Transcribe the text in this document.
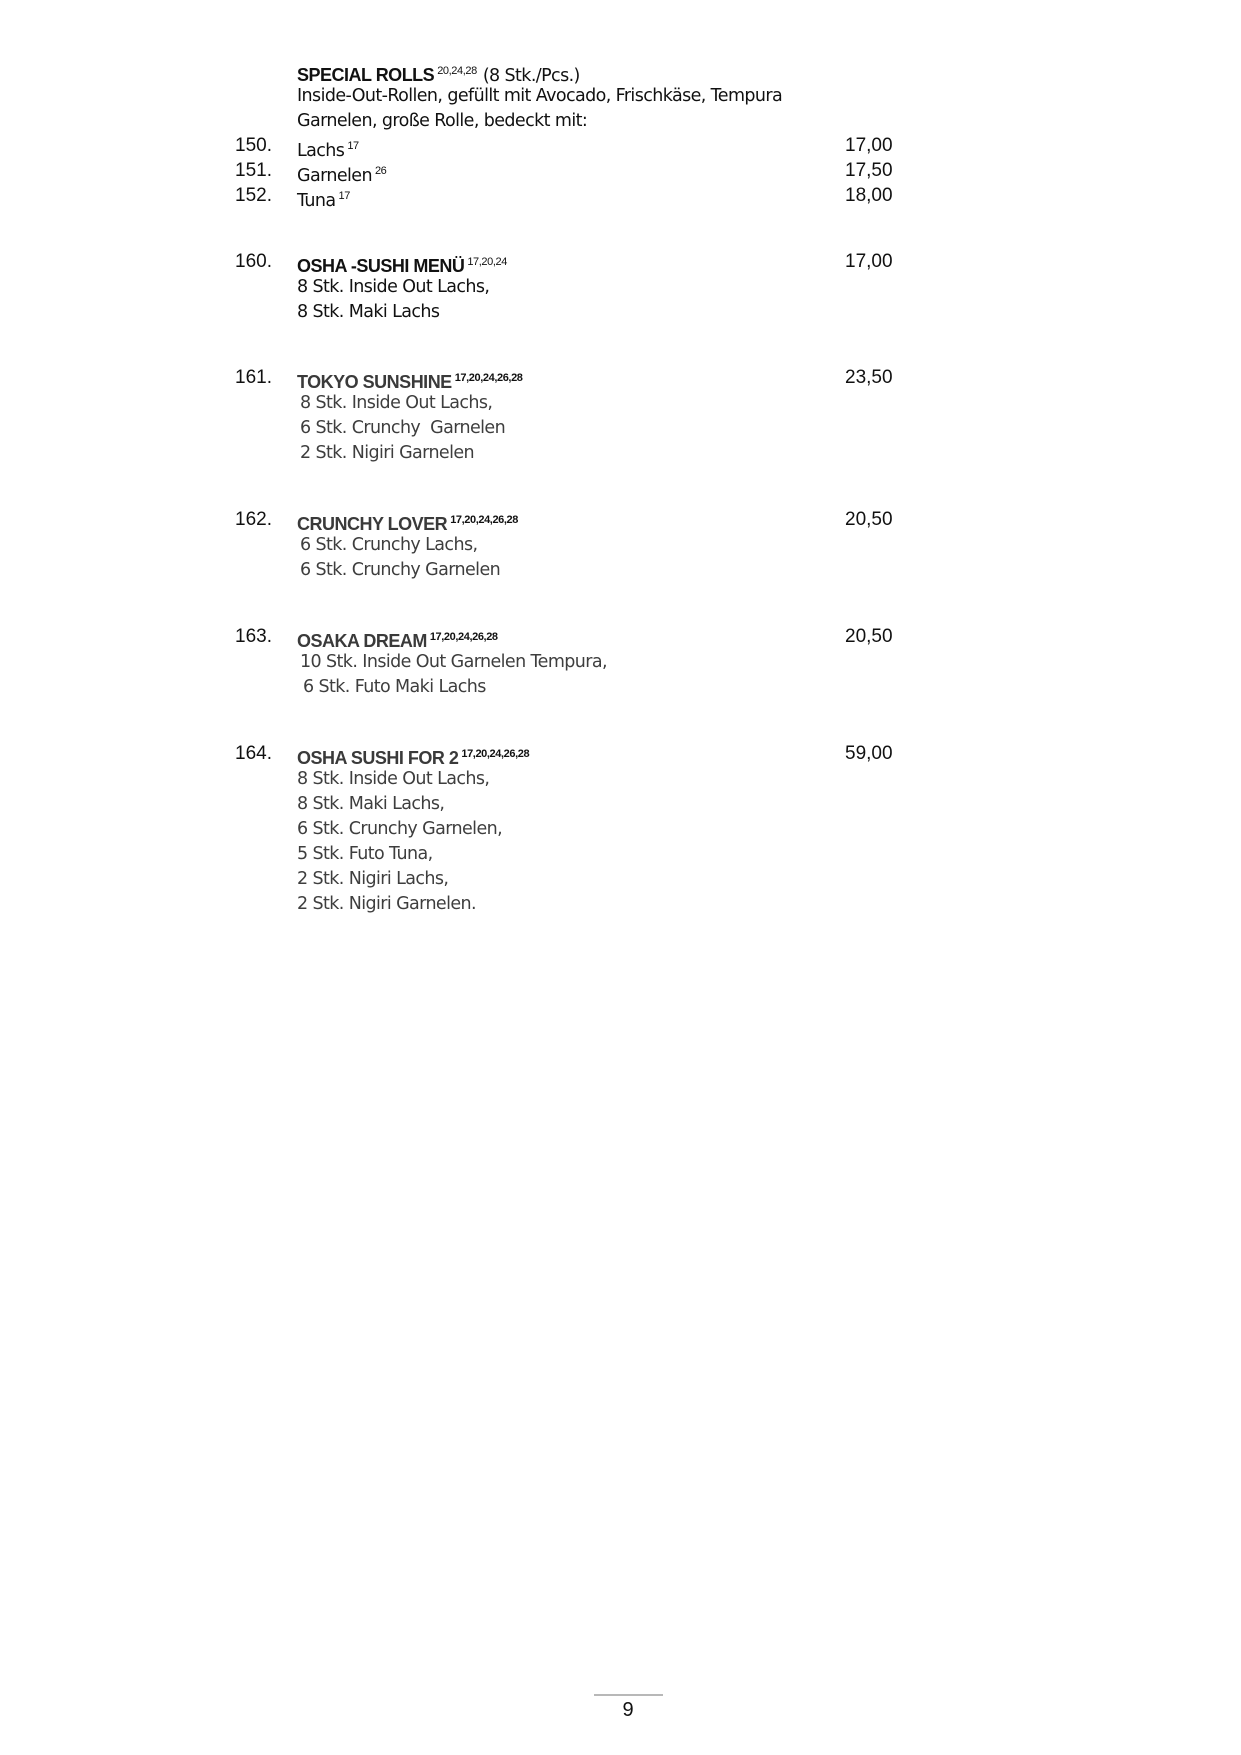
SPECIAL ROLLS $^{20,24,28}$ (8 Stk./Pcs.)
Inside-Out-Rollen, gefüllt mit Avocado, Frischkäse, Tempura
Garnelen, große Rolle, bedeckt mit:
150. Lachs $^{17}$	17,00
151. Garnelen $^{26}$	17,50
152. Tuna $^{17}$	18,00
160. OSHA -SUSHI MENÜ $^{17,20,24}$	17,00
8 Stk. Inside Out Lachs,
8 Stk. Maki Lachs
161. TOKYO SUNSHINE $^{17,20,24,26,28}$	23,50
8 Stk. Inside Out Lachs,
6 Stk. Crunchy  Garnelen
2 Stk. Nigiri Garnelen
162. CRUNCHY LOVER $^{17,20,24,26,28}$	20,50
6 Stk. Crunchy Lachs,
6 Stk. Crunchy Garnelen
163. OSAKA DREAM $^{17,20,24,26,28}$	20,50
10 Stk. Inside Out Garnelen Tempura,
6 Stk. Futo Maki Lachs
164. OSHA SUSHI FOR 2 $^{17,20,24,26,28}$	59,00
8 Stk. Inside Out Lachs,
8 Stk. Maki Lachs,
6 Stk. Crunchy Garnelen,
5 Stk. Futo Tuna,
2 Stk. Nigiri Lachs,
2 Stk. Nigiri Garnelen.
9
